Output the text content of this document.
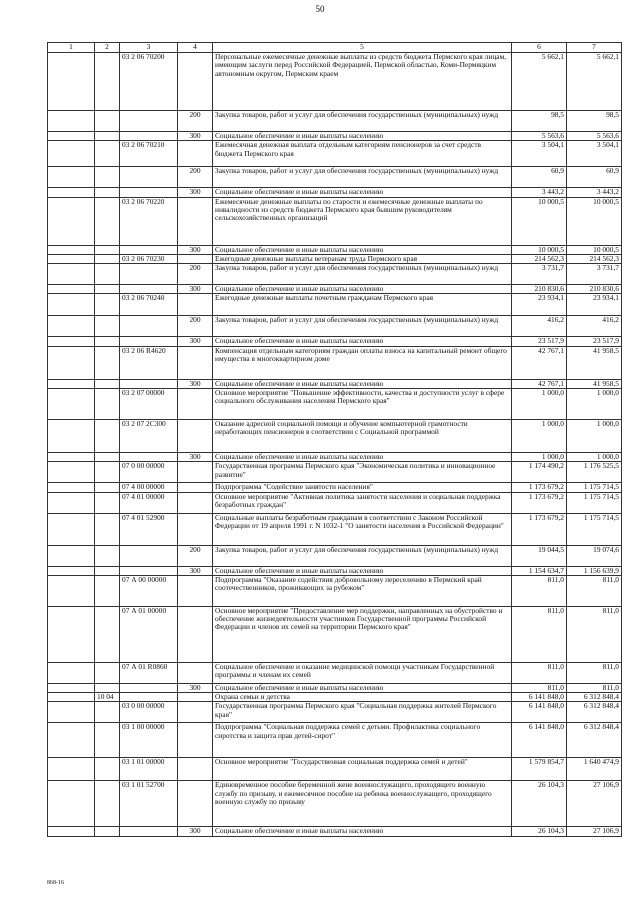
50
1	2	3	4	5	6	7
		03 2 06 70200		Персональные ежемесячные денежные выплаты из средств бюджета Пермского края лицам, имеющим заслуги перед Российской Федерацией, Пермской областью, Коми-Пермяцким автономным округом, Пермским краем	5 662,1	5 662,1
			200	Закупка товаров, работ и услуг для обеспечения государственных (муниципальных) нужд	98,5	98,5
			300	Социальное обеспечение и иные выплаты населению	5 563,6	5 563,6
		03 2 06 70210		Ежемесячная денежная выплата отдельным категориям пенсионеров за счет средств бюджета Пермского края	3 504,1	3 504,1
			200	Закупка товаров, работ и услуг для обеспечения государственных (муниципальных) нужд	60,9	60,9
			300	Социальное обеспечение и иные выплаты населению	3 443,2	3 443,2
		03 2 06 70220		Ежемесячные денежные выплаты по старости и ежемесячные денежные выплаты по инвалидности из средств бюджета Пермского края бывшим руководителям сельскохозяйственных организаций	10 000,5	10 000,5
			300	Социальное обеспечение и иные выплаты населению	10 000,5	10 000,5
		03 2 06 70230		Ежегодные денежные выплаты ветеранам труда Пермского края	214 562,3	214 562,3
			200	Закупка товаров, работ и услуг для обеспечения государственных (муниципальных) нужд	3 731,7	3 731,7
			300	Социальное обеспечение и иные выплаты населению	210 830,6	210 830,6
		03 2 06 70240		Ежегодные денежные выплаты почетным гражданам Пермского края	23 934,1	23 934,1
			200	Закупка товаров, работ и услуг для обеспечения государственных (муниципальных) нужд	416,2	416,2
			300	Социальное обеспечение и иные выплаты населению	23 517,9	23 517,9
		03 2 06 R4620		Компенсация отдельным категориям граждан оплаты взноса на капитальный ремонт общего имущества в многоквартирном доме	42 767,1	41 958,5
			300	Социальное обеспечение и иные выплаты населению	42 767,1	41 958,5
		03 2 07 00000		Основное мероприятие "Повышение эффективности, качества и доступности услуг в сфере социального обслуживания населения Пермского края"	1 000,0	1 000,0
		03 2 07 2С300		Оказание адресной социальной помощи и обучение компьютерной грамотности неработающих пенсионеров в соответствии с Социальной программой	1 000,0	1 000,0
			300	Социальное обеспечение и иные выплаты населению	1 000,0	1 000,0
		07 0 00 00000		Государственная программа Пермского края "Экономическая политика и инновационное развитие"	1 174 490,2	1 176 525,5
		07 4 00 00000		Подпрограмма "Содействие занятости населения"	1 173 679,2	1 175 714,5
		07 4 01 00000		Основное мероприятие "Активная политика занятости населения и социальная поддержка безработных граждан"	1 173 679,2	1 175 714,5
		07 4 01 52900		Социальные выплаты безработным гражданам в соответствии с Законом Российской Федерации от 19 апреля 1991 г. N 1032-1 "О занятости населения в Российской Федерации"	1 173 679,2	1 175 714,5
			200	Закупка товаров, работ и услуг для обеспечения государственных (муниципальных) нужд	19 044,5	19 074,6
			300	Социальное обеспечение и иные выплаты населению	1 154 634,7	1 156 639,9
		07 А 00 00000		Подпрограмма "Оказание содействия добровольному переселению в Пермский край соотечественников, проживающих за рубежом"	811,0	811,0
		07 А 01 00000		Основное мероприятие "Предоставление мер поддержки, направленных на обустройство и обеспечение жизнедеятельности участников Государственной программы Российской Федерации и членов их семей на территории Пермского края"	811,0	811,0
		07 А 01 R0860		Социальное обеспечение и оказание медицинской помощи участникам Государственной программы и членам их семей	811,0	811,0
			300	Социальное обеспечение и иные выплаты населению	811,0	811,0
	10 04			Охрана семьи и детства	6 141 848,0	6 312 848,4
		03 0 00 00000		Государственная программа Пермского края "Социальная поддержка жителей Пермского края"	6 141 848,0	6 312 848,4
		03 1 00 00000		Подпрограмма "Социальная поддержка семей с детьми. Профилактика социального сиротства и защита прав детей-сирот"	6 141 848,0	6 312 848,4
		03 1 01 00000		Основное мероприятие "Государственная социальная поддержка семей и детей"	1 579 854,7	1 640 474,9
		03 1 01 52700		Единовременное пособие беременной жене военнослужащего, проходящего военную службу по призыву, и ежемесячное пособие на ребенка военнослужащего, проходящего военную службу по призыву	26 104,3	27 106,9
			300	Социальное обеспечение и иные выплаты населению	26 104,3	27 106,9
868-16
